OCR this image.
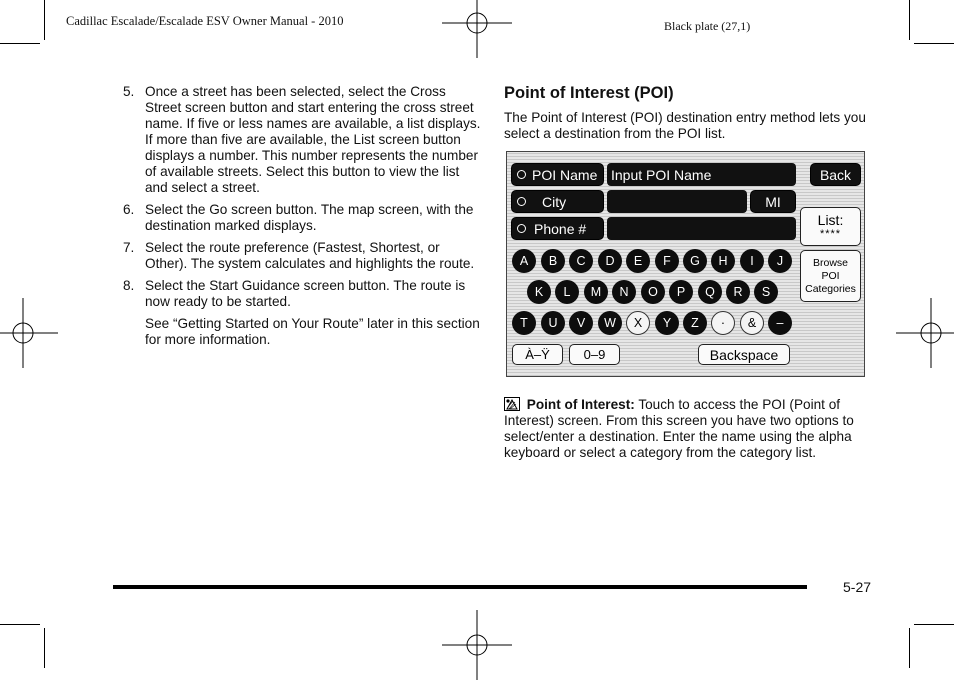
Cadillac Escalade/Escalade ESV Owner Manual - 2010	Black plate (27,1)
5. Once a street has been selected, select the Cross Street screen button and start entering the cross street name. If five or less names are available, a list displays. If more than five are available, the List screen button displays a number. This number represents the number of available streets. Select this button to view the list and select a street.
6. Select the Go screen button. The map screen, with the destination marked displays.
7. Select the route preference (Fastest, Shortest, or Other). The system calculates and highlights the route.
8. Select the Start Guidance screen button. The route is now ready to be started.
See “Getting Started on Your Route” later in this section for more information.
Point of Interest (POI)
The Point of Interest (POI) destination entry method lets you select a destination from the POI list.
POI Name Input POI Name	Back
City	MI
List:
****
Phone #
Browse
POI
Categories
A	B	C	D	E	F	G	H	I	J
K	L	M	N	O	P	Q	R	S
T	U	V	W	X	Y	Z	·	&	–
À–Ÿ	0–9	Backspace
Point of Interest: Touch to access the POI (Point of Interest) screen. From this screen you have two options to select/enter a destination. Enter the name using the alpha keyboard or select a category from the category list.
5-27
